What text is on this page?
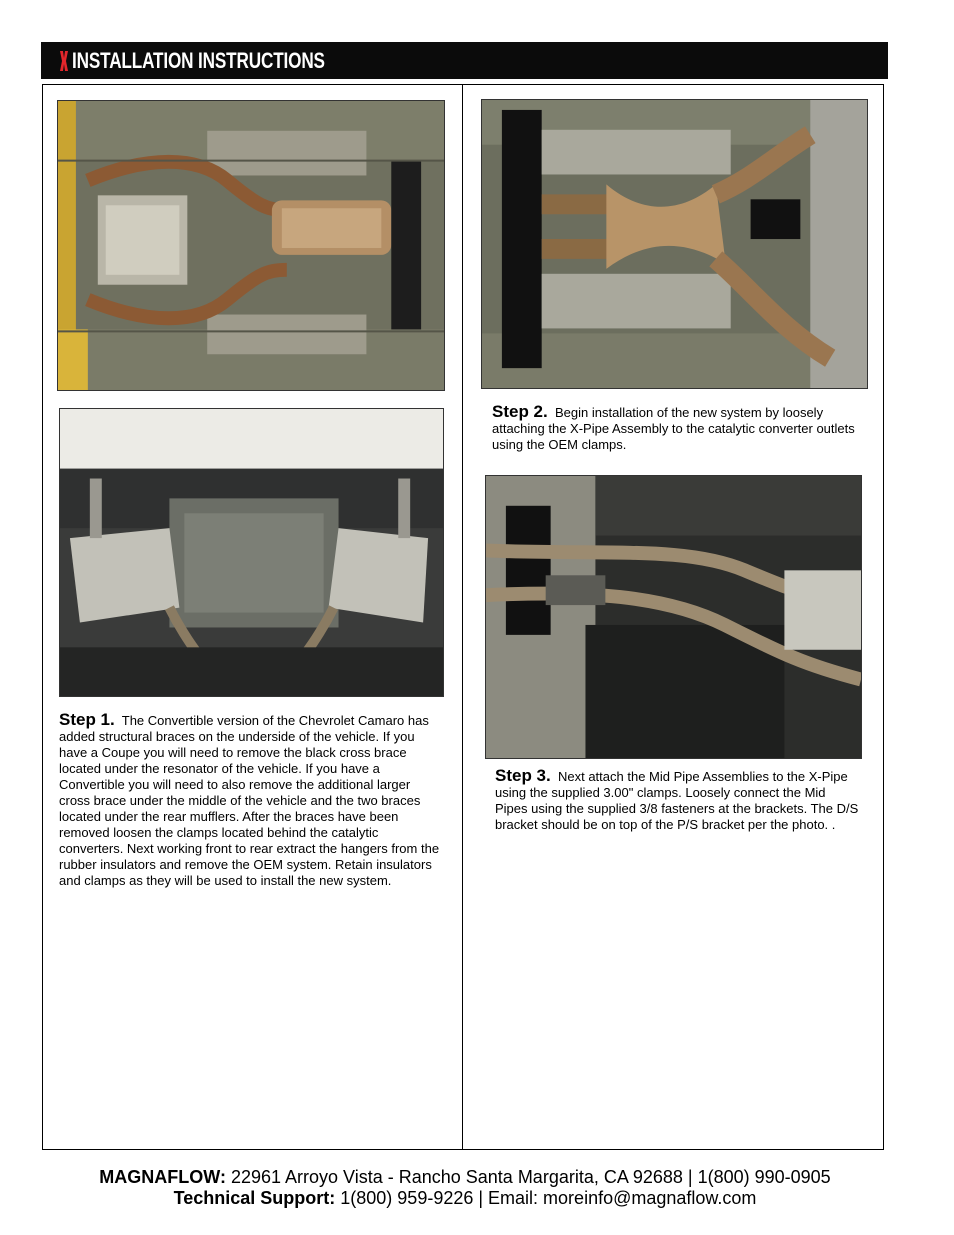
INSTALLATION INSTRUCTIONS
Step 1. The Convertible version of the Chevrolet Camaro has added structural braces on the underside of the vehicle. If you have a Coupe you will need to remove the black cross brace located under the resonator of the vehicle. If you have a Convertible you will need to also remove the additional larger cross brace under the middle of the vehicle and the two braces located under the rear mufflers. After the braces have been removed loosen the clamps located behind the catalytic converters. Next working front to rear extract the hangers from the rubber insulators and remove the OEM system. Retain insulators and clamps as they will be used to install the new system.
Step 2. Begin installation of the new system by loosely attaching the X-Pipe Assembly to the catalytic converter outlets using the OEM clamps.
Step 3. Next attach the Mid Pipe Assemblies to the X-Pipe using the supplied 3.00" clamps. Loosely connect the Mid Pipes using the supplied 3/8 fasteners at the brackets. The D/S bracket should be on top of the P/S bracket per the photo. .
MAGNAFLOW: 22961 Arroyo Vista - Rancho Santa Margarita, CA 92688 | 1(800) 990-0905
Technical Support: 1(800) 959-9226 | Email: moreinfo@magnaflow.com
